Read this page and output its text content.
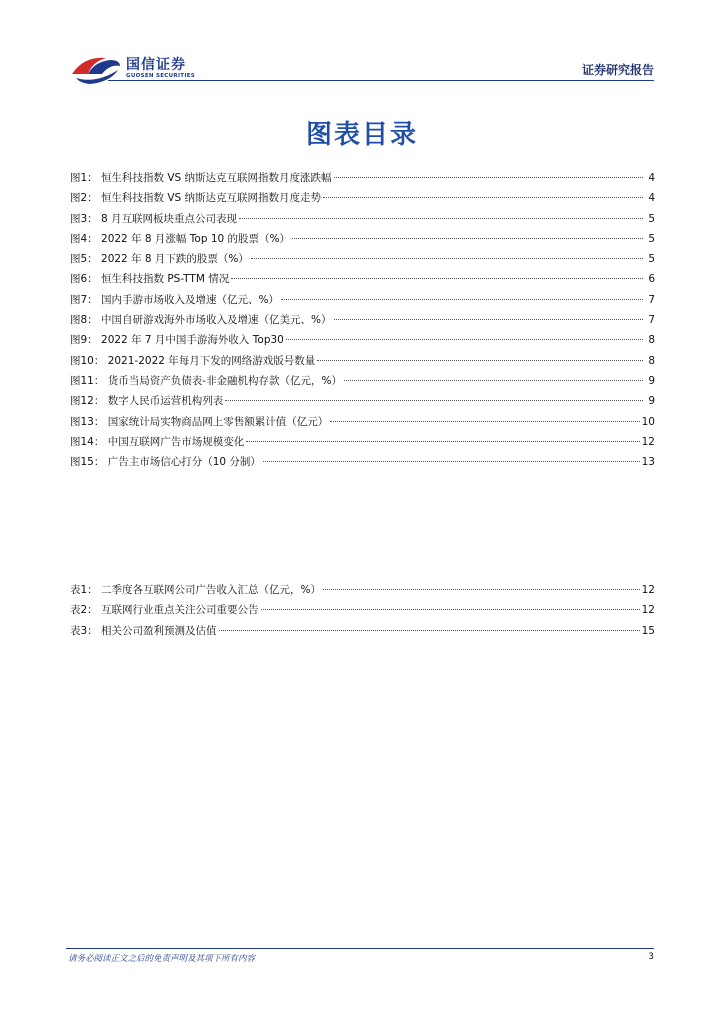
国信证券
GUOSEN SECURITIES	证券研究报告
图表目录
图1： 恒生科技指数 VS 纳斯达克互联网指数月度涨跌幅	4
图2： 恒生科技指数 VS 纳斯达克互联网指数月度走势	4
图3： 8 月互联网板块重点公司表现	5
图4： 2022 年 8 月涨幅 Top 10 的股票（%）	5
图5： 2022 年 8 月下跌的股票（%）	5
图6： 恒生科技指数 PS-TTM 情况	6
图7： 国内手游市场收入及增速（亿元、%）	7
图8： 中国自研游戏海外市场收入及增速（亿美元、%）	7
图9： 2022 年 7 月中国手游海外收入 Top30	8
图10： 2021-2022 年每月下发的网络游戏版号数量	8
图11： 货币当局资产负债表-非金融机构存款（亿元，%）	9
图12： 数字人民币运营机构列表	9
图13： 国家统计局实物商品网上零售额累计值（亿元）	10
图14： 中国互联网广告市场规模变化	12
图15： 广告主市场信心打分（10 分制）	13
表1： 二季度各互联网公司广告收入汇总（亿元，%）	12
表2： 互联网行业重点关注公司重要公告	12
表3： 相关公司盈利预测及估值	15
请务必阅读正文之后的免责声明及其项下所有内容	3
